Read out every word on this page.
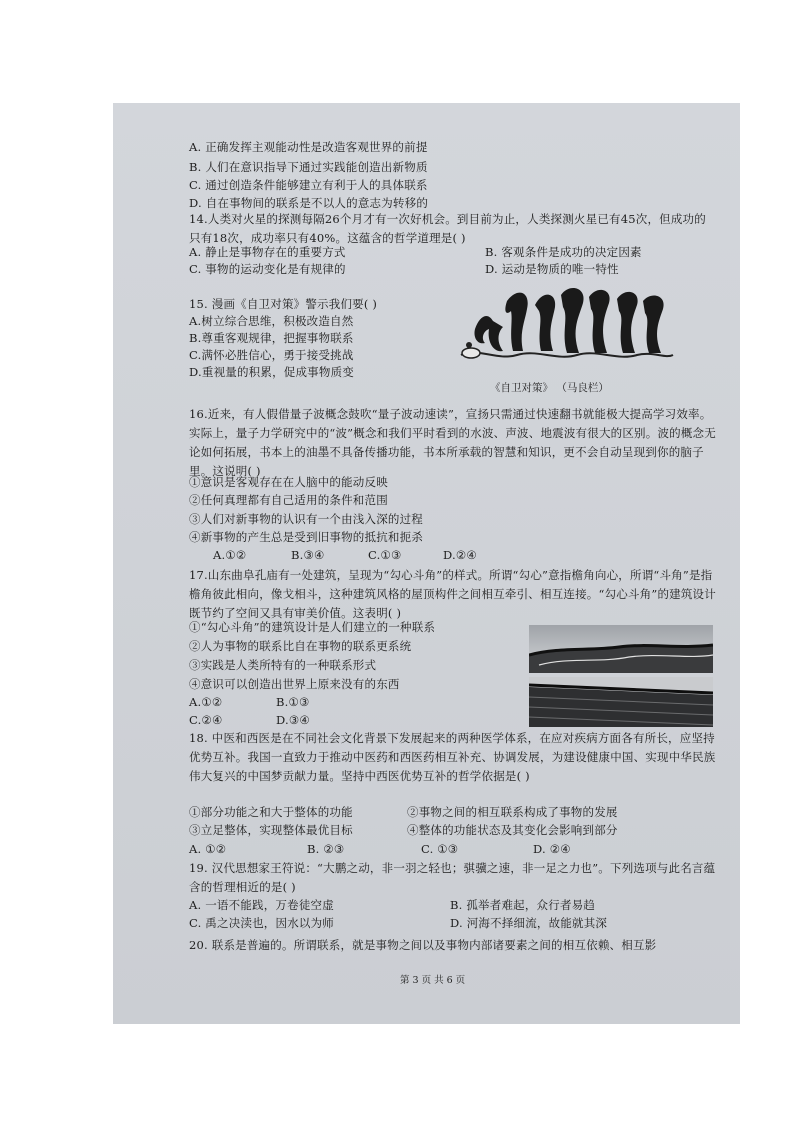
A. 正确发挥主观能动性是改造客观世界的前提
B. 人们在意识指导下通过实践能创造出新物质
C. 通过创造条件能够建立有利于人的具体联系
D. 自在事物间的联系是不以人的意志为转移的
14.人类对火星的探测每隔26个月才有一次好机会。到目前为止，人类探测火星已有45次，但成功的只有18次，成功率只有40%。这蕴含的哲学道理是( )
A. 静止是事物存在的重要方式	B. 客观条件是成功的决定因素
C. 事物的运动变化是有规律的	D. 运动是物质的唯一特性
15. 漫画《自卫对策》警示我们要( )
A.树立综合思维，积极改造自然
B.尊重客观规律，把握事物联系
C.满怀必胜信心，勇于接受挑战
D.重视量的积累，促成事物质变
《自卫对策》 （马良栏）
16.近来，有人假借量子波概念鼓吹“量子波动速读”，宣扬只需通过快速翻书就能极大提高学习效率。实际上，量子力学研究中的“波”概念和我们平时看到的水波、声波、地震波有很大的区别。波的概念无论如何拓展，书本上的油墨不具备传播功能，书本所承载的智慧和知识，更不会自动呈现到你的脑子里。这说明( )
①意识是客观存在在人脑中的能动反映
②任何真理都有自己适用的条件和范围
③人们对新事物的认识有一个由浅入深的过程
④新事物的产生总是受到旧事物的抵抗和扼杀
A.①②	B.③④	C.①③	D.②④
17.山东曲阜孔庙有一处建筑，呈现为“勾心斗角”的样式。所谓“勾心”意指檐角向心，所谓“斗角”是指檐角彼此相向，像戈相斗，这种建筑风格的屋顶构件之间相互牵引、相互连接。“勾心斗角”的建筑设计既节约了空间又具有审美价值。这表明( )
①“勾心斗角”的建筑设计是人们建立的一种联系
②人为事物的联系比自在事物的联系更系统
③实践是人类所特有的一种联系形式
④意识可以创造出世界上原来没有的东西
A.①②	B.①③
C.②④	D.③④
18. 中医和西医是在不同社会文化背景下发展起来的两种医学体系，在应对疾病方面各有所长，应坚持优势互补。我国一直致力于推动中医药和西医药相互补充、协调发展，为建设健康中国、实现中华民族伟大复兴的中国梦贡献力量。坚持中西医优势互补的哲学依据是( )
①部分功能之和大于整体的功能	②事物之间的相互联系构成了事物的发展
③立足整体，实现整体最优目标	④整体的功能状态及其变化会影响到部分
A. ①②	B. ②③	C. ①③	D. ②④
19. 汉代思想家王符说：“大鹏之动，非一羽之轻也；骐骥之速，非一足之力也”。下列选项与此名言蕴含的哲理相近的是( )
A. 一语不能践，万卷徒空虚	B. 孤举者难起，众行者易趋
C. 禹之决渎也，因水以为师	D. 河海不择细流，故能就其深
20. 联系是普遍的。所谓联系，就是事物之间以及事物内部诸要素之间的相互依赖、相互影
第 3 页 共 6 页
